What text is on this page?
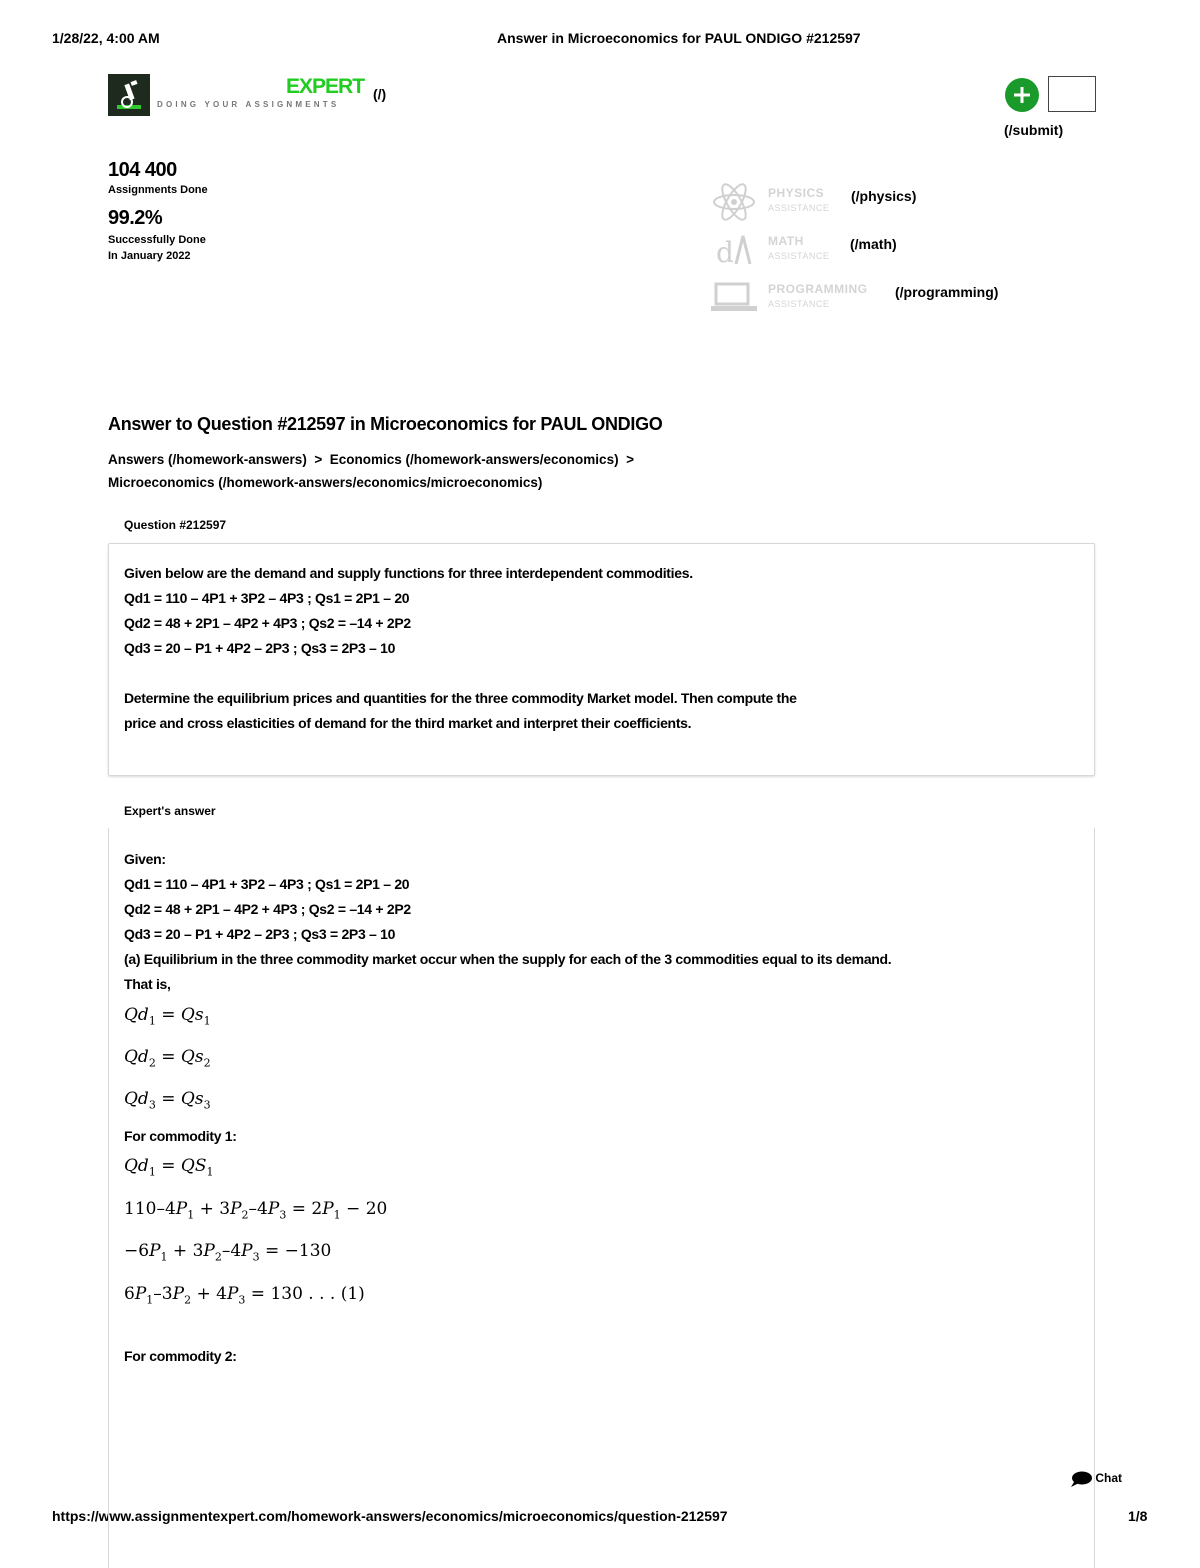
1/28/22, 4:00 AM	Answer in Microeconomics for PAUL ONDIGO #212597
https://www.assignmentexpert.com/homework-answers/economics/microeconomics/question-212597	1/8
DOING YOUR ASSIGNMENTS
EXPERT (/)
(/submit)
104 400
Assignments Done
99.2%
Successfully Done
In January 2022
PHYSICS
ASSISTANCE
(/physics)
d	MATH
ASSISTANCE
(/math)
PROGRAMMING
ASSISTANCE
(/programming)
Answer to Question #212597 in Microeconomics for PAUL ONDIGO
Answers (/homework-answers) > Economics (/homework-answers/economics) >
Microeconomics (/homework-answers/economics/microeconomics)
Question #212597
Given below are the demand and supply functions for three interdependent commodities.
Qd1 = 110 – 4P1 + 3P2 – 4P3 ; Qs1 = 2P1 – 20
Qd2 = 48 + 2P1 – 4P2 + 4P3 ; Qs2 = –14 + 2P2
Qd3 = 20 – P1 + 4P2 – 2P3 ; Qs3 = 2P3 – 10
Determine the equilibrium prices and quantities for the three commodity Market model. Then compute the
price and cross elasticities of demand for the third market and interpret their coefficients.
Expert's answer
Given:
Qd1 = 110 – 4P1 + 3P2 – 4P3 ; Qs1 = 2P1 – 20
Qd2 = 48 + 2P1 – 4P2 + 4P3 ; Qs2 = –14 + 2P2
Qd3 = 20 – P1 + 4P2 – 2P3 ; Qs3 = 2P3 – 10
(a) Equilibrium in the three commodity market occur when the supply for each of the 3 commodities equal to its demand.
That is,
$Qd_1 = Qs_1$
$Qd_2 = Qs_2$
$Qd_3 = Qs_3$
For commodity 1:
$Qd_1 = QS_1$
$110-4P_1 + 3P_2-4P_3 = 2P_1 - 20$
$-6P_1 + 3P_2-4P_3 = -130$
$6P_1-3P_2 + 4P_3 = 130$ . . . (1)
For commodity 2:
Chat
